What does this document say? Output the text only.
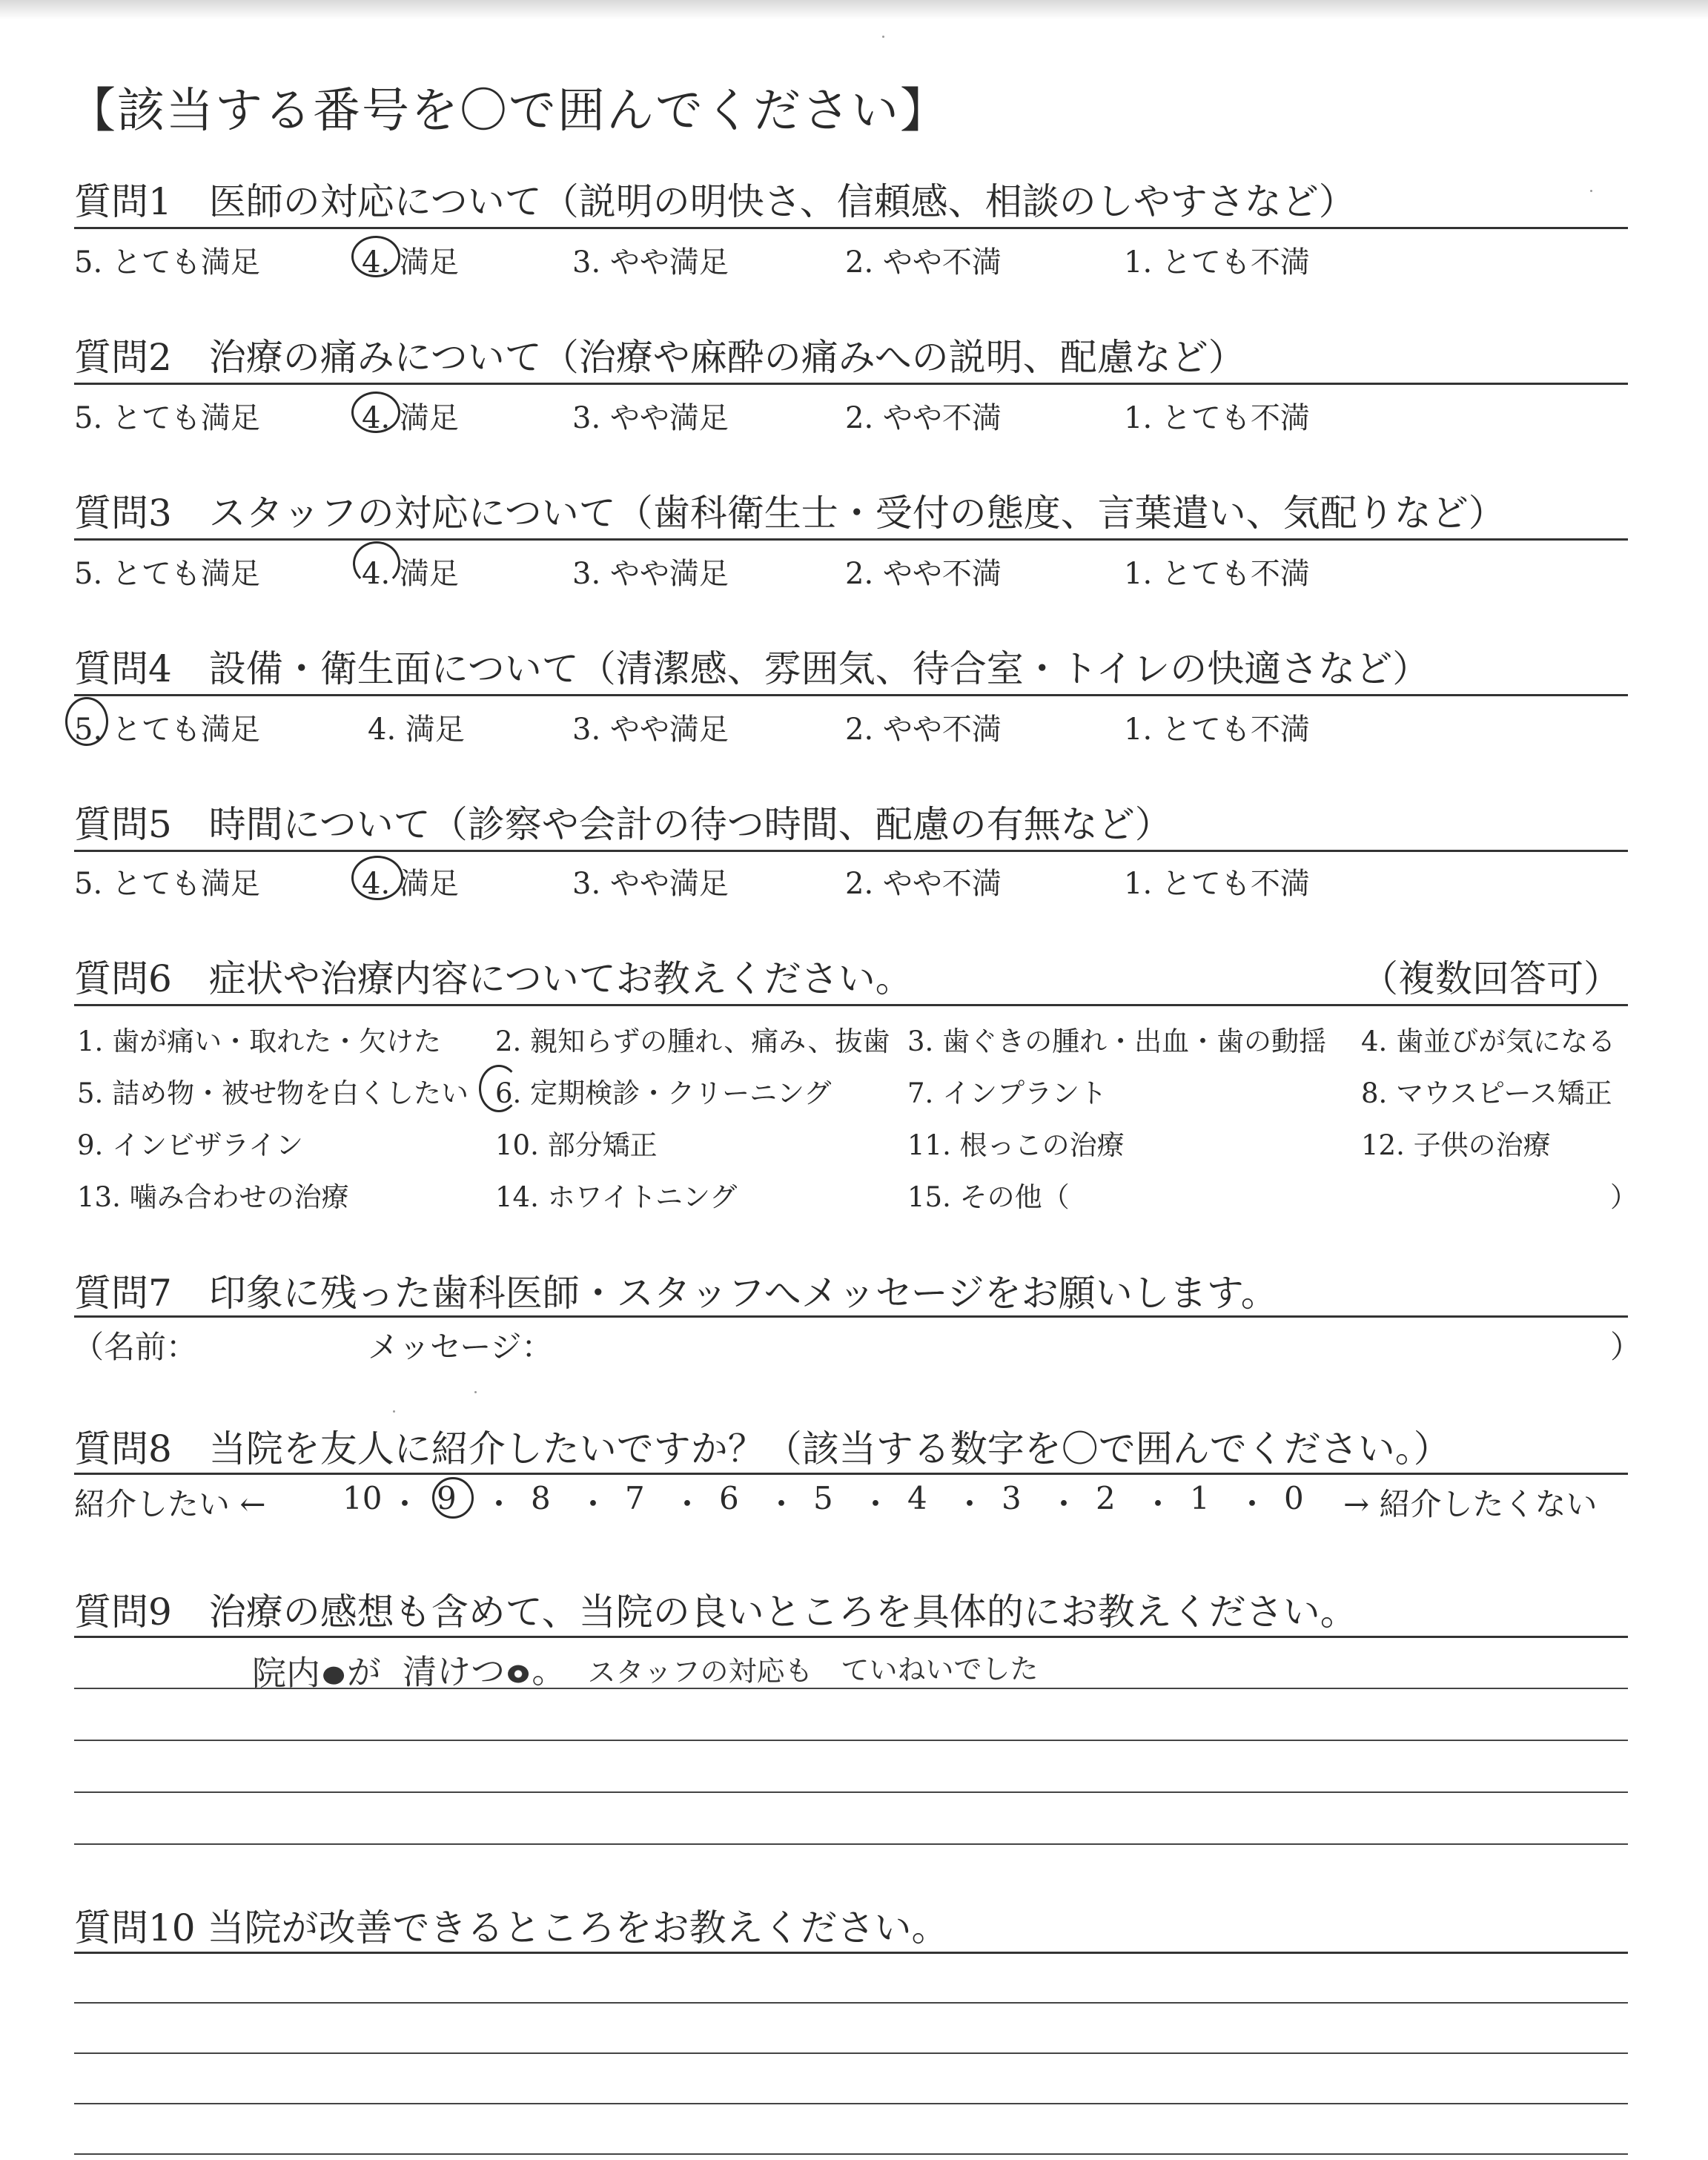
【該当する番号を〇で囲んでください】
質問1　医師の対応について（説明の明快さ、信頼感、相談のしやすさなど）
5. とても満足	4. 満足	3. やや満足	2. やや不満	1. とても不満
質問2　治療の痛みについて（治療や麻酔の痛みへの説明、配慮など）
5. とても満足	4. 満足	3. やや満足	2. やや不満	1. とても不満
質問3　スタッフの対応について（歯科衛生士・受付の態度、言葉遣い、気配りなど）
5. とても満足	4. 満足	3. やや満足	2. やや不満	1. とても不満
質問4　設備・衛生面について（清潔感、雰囲気、待合室・トイレの快適さなど）
5. とても満足	4. 満足	3. やや満足	2. やや不満	1. とても不満
質問5　時間について（診察や会計の待つ時間、配慮の有無など）
5. とても満足	4. 満足	3. やや満足	2. やや不満	1. とても不満
質問6　症状や治療内容についてお教えください。	（複数回答可）
1. 歯が痛い・取れた・欠けた 2. 親知らずの腫れ、痛み、抜歯 3. 歯ぐきの腫れ・出血・歯の動揺 4. 歯並びが気になる
5. 詰め物・被せ物を白くしたい 6. 定期検診・クリーニング	7. インプラント	8. マウスピース矯正
9. インビザライン	10. 部分矯正	11. 根っこの治療	12. 子供の治療
13. 噛み合わせの治療	14. ホワイトニング	15. その他（	）
質問7　印象に残った歯科医師・スタッフへメッセージをお願いします。
（名前：	メッセージ：	）
質問8　当院を友人に紹介したいですか？（該当する数字を〇で囲んでください。）
紹介したい ← 10 ・ 9 ・ 8 ・ 7 ・ 6 ・ 5 ・ 4 ・ 3 ・ 2 ・ 1 ・ 0 → 紹介したくない
質問9　治療の感想も含めて、当院の良いところを具体的にお教えください。
院内 が 清けつ 。 スタッフの対応も　ていねいでした
質問10 当院が改善できるところをお教えください。
